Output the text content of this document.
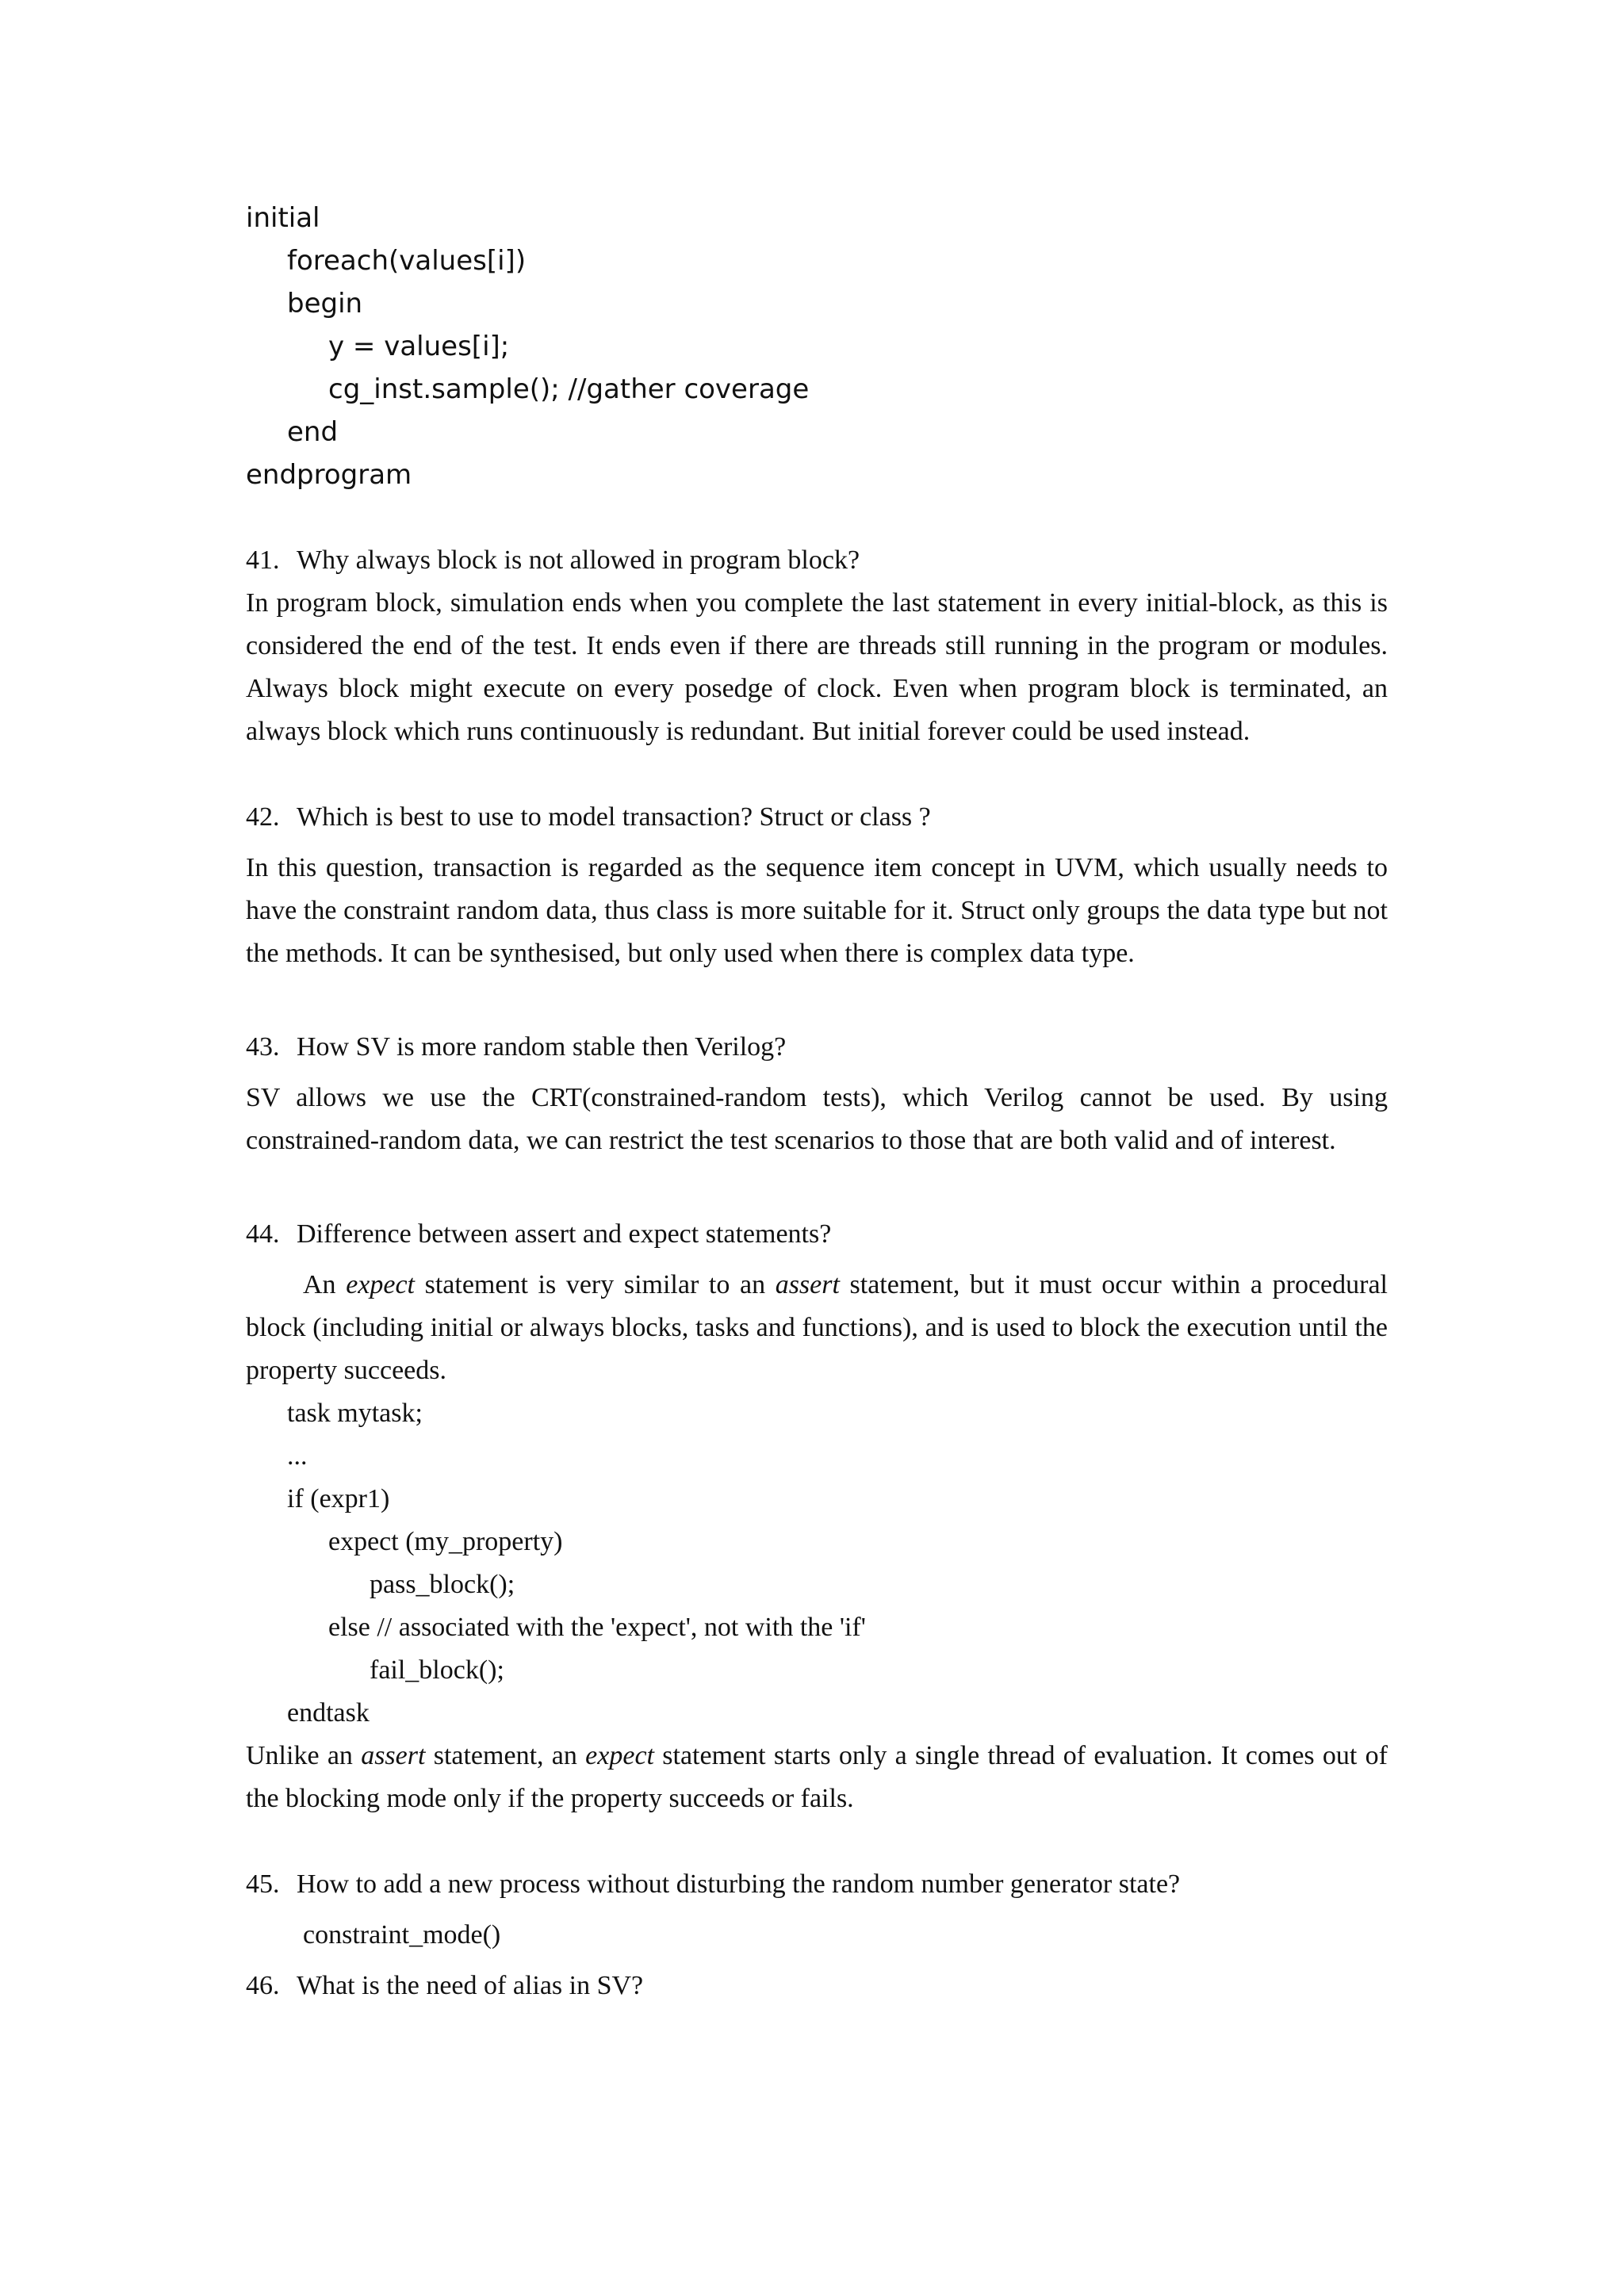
initial
foreach(values[i])
begin
y = values[i];
cg_inst.sample(); //gather coverage
end
endprogram
41. Why always block is not allowed in program block?
In program block, simulation ends when you complete the last statement in every initial-block, as this is considered the end of the test. It ends even if there are threads still running in the program or modules. Always block might execute on every posedge of clock. Even when program block is terminated, an always block which runs continuously is redundant. But initial forever could be used instead.
42. Which is best to use to model transaction? Struct or class ?
In this question, transaction is regarded as the sequence item concept in UVM, which usually needs to have the constraint random data, thus class is more suitable for it. Struct only groups the data type but not the methods. It can be synthesised, but only used when there is complex data type.
43. How SV is more random stable then Verilog?
SV allows we use the CRT(constrained-random tests), which Verilog cannot be used. By using constrained-random data, we can restrict the test scenarios to those that are both valid and of interest.
44. Difference between assert and expect statements?
An expect statement is very similar to an assert statement, but it must occur within a procedural block (including initial or always blocks, tasks and functions), and is used to block the execution until the property succeeds.
task mytask;
...
if (expr1)
expect (my_property)
pass_block();
else // associated with the 'expect', not with the 'if'
fail_block();
endtask
Unlike an assert statement, an expect statement starts only a single thread of evaluation. It comes out of the blocking mode only if the property succeeds or fails.
45. How to add a new process without disturbing the random number generator state?
constraint_mode()
46. What is the need of alias in SV?
